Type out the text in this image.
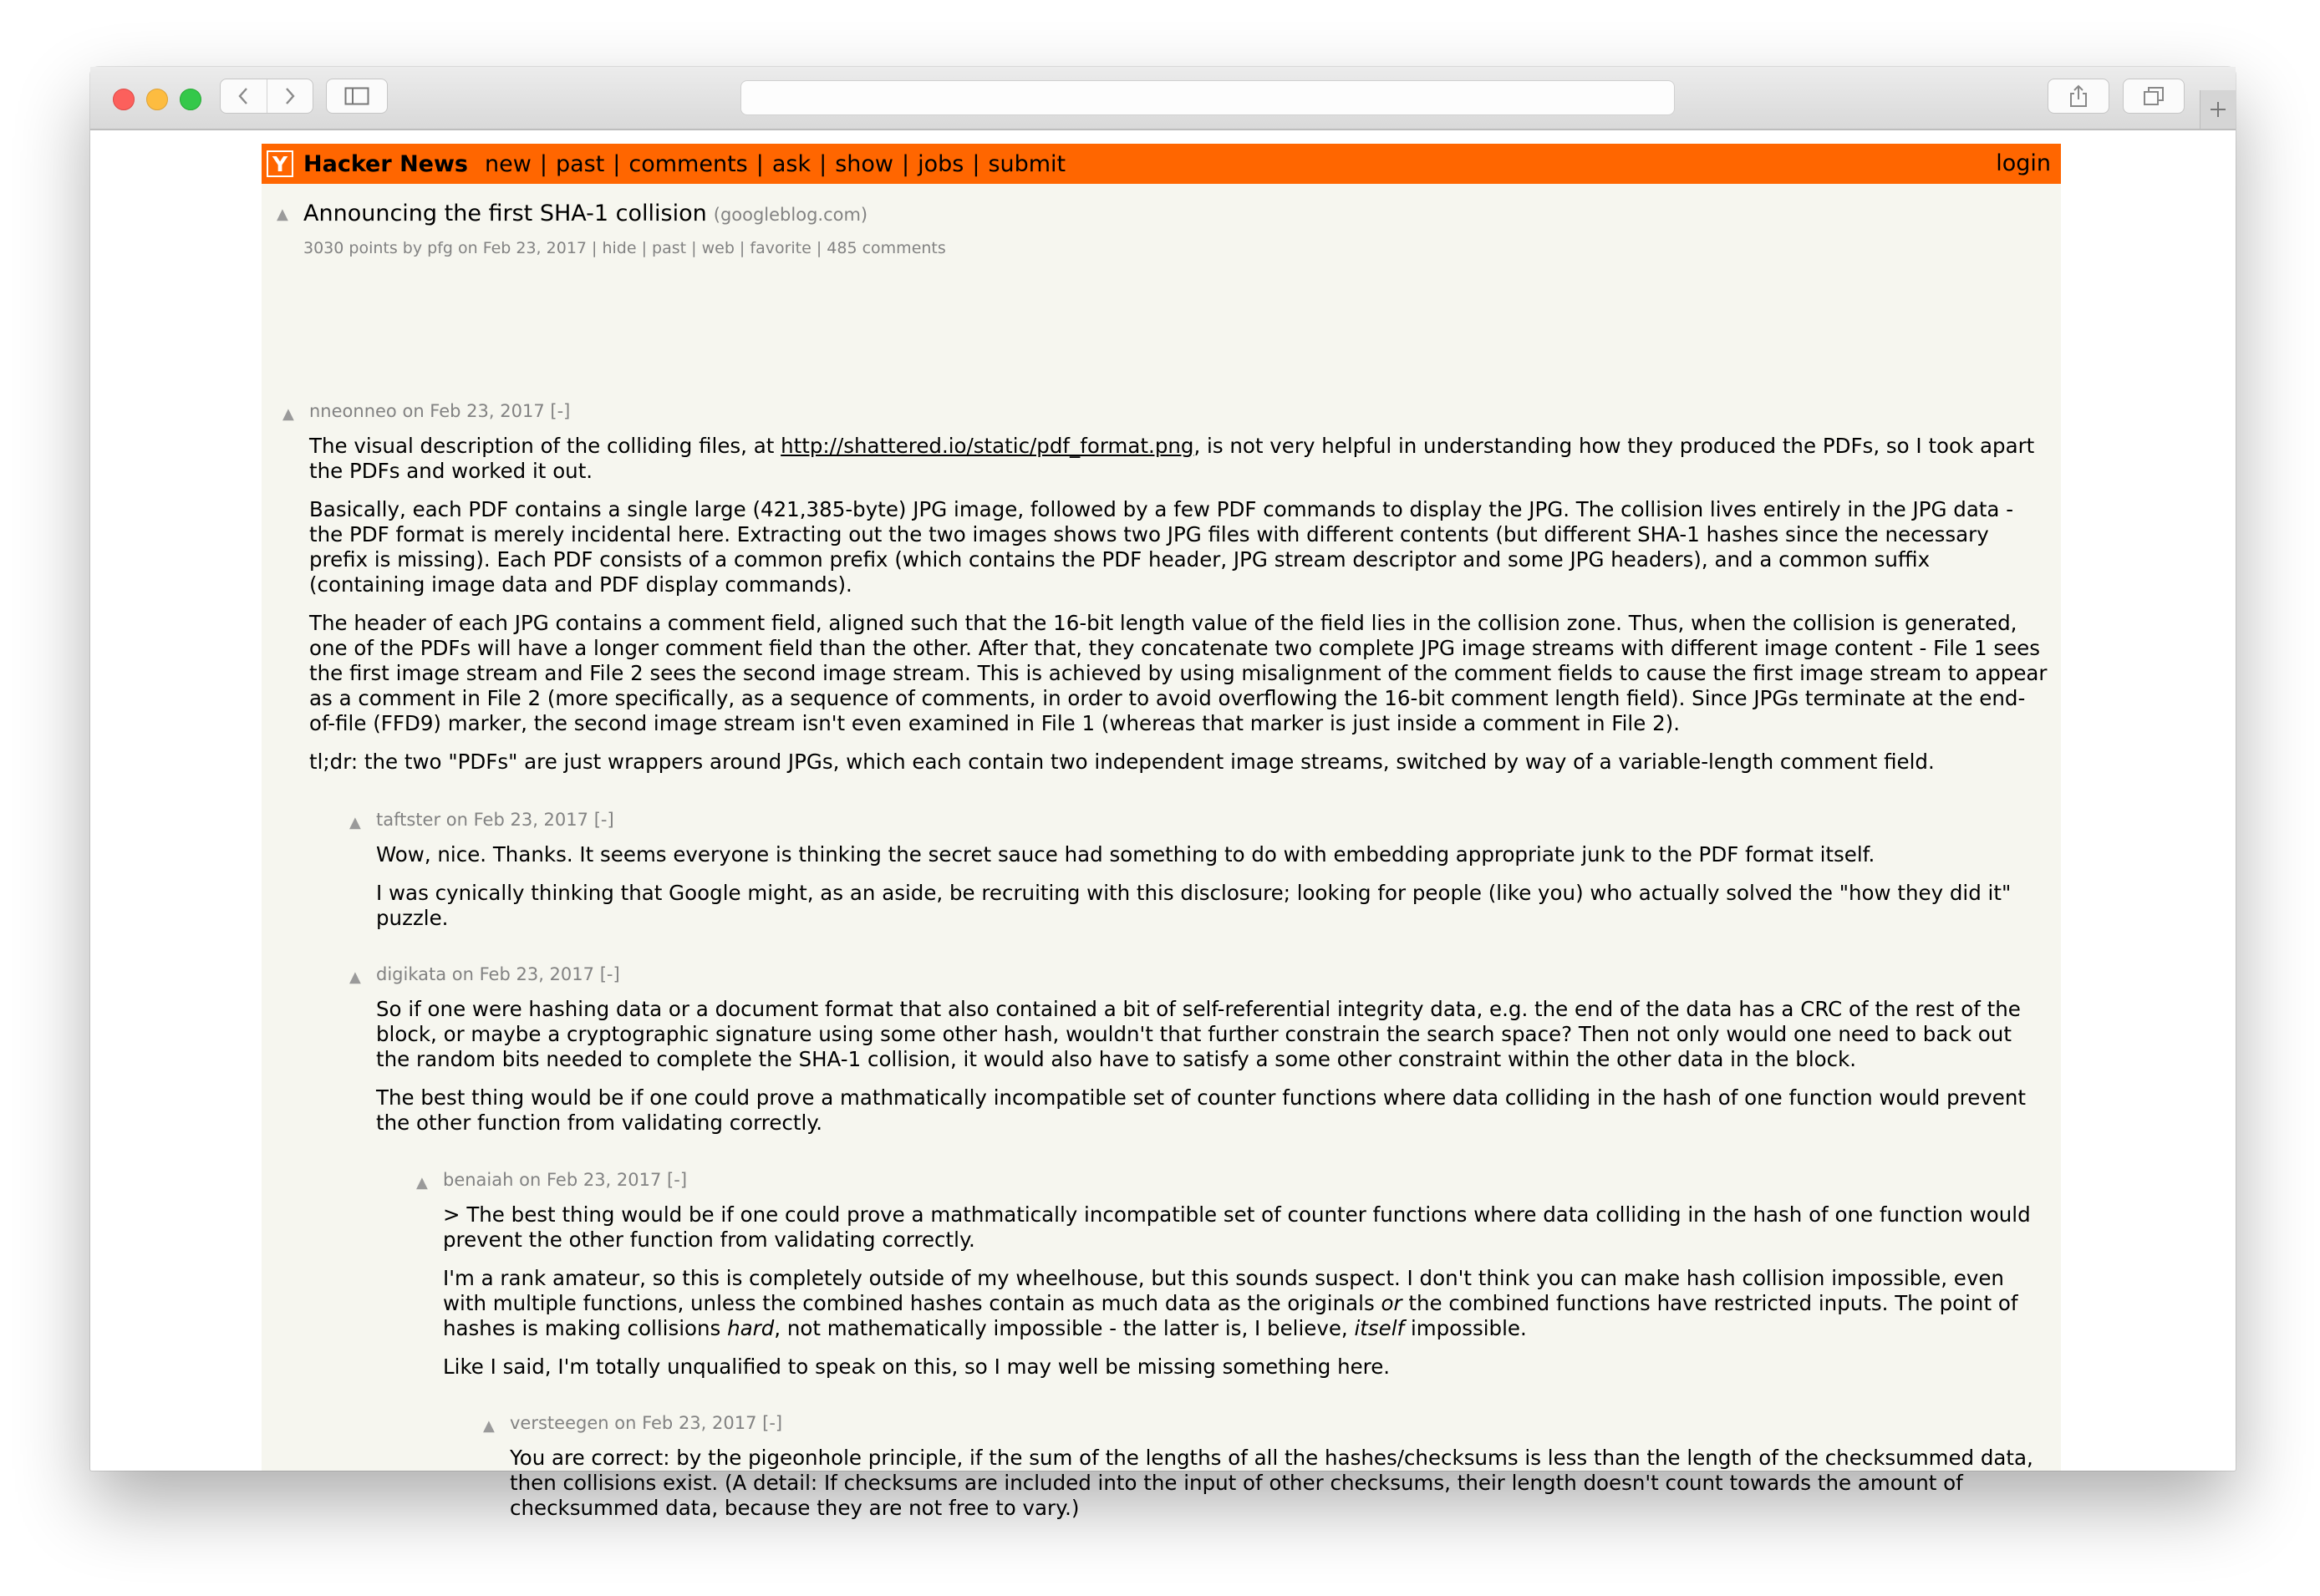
Y Hacker News new | past | comments | ask | show | jobs | submit	login
▲ Announcing the first SHA-1 collision (googleblog.com)
3030 points by pfg on Feb 23, 2017 | hide | past | web | favorite | 485 comments
▲ nneonneo on Feb 23, 2017 [-]

The visual description of the colliding files, at http://shattered.io/static/pdf_format.png, is not very helpful in understanding how they produced the PDFs, so I took apart the PDFs and worked it out.

Basically, each PDF contains a single large (421,385-byte) JPG image, followed by a few PDF commands to display the JPG. The collision lives entirely in the JPG data - the PDF format is merely incidental here. Extracting out the two images shows two JPG files with different contents (but different SHA-1 hashes since the necessary prefix is missing). Each PDF consists of a common prefix (which contains the PDF header, JPG stream descriptor and some JPG headers), and a common suffix (containing image data and PDF display commands).

The header of each JPG contains a comment field, aligned such that the 16-bit length value of the field lies in the collision zone. Thus, when the collision is generated, one of the PDFs will have a longer comment field than the other. After that, they concatenate two complete JPG image streams with different image content - File 1 sees the first image stream and File 2 sees the second image stream. This is achieved by using misalignment of the comment fields to cause the first image stream to appear as a comment in File 2 (more specifically, as a sequence of comments, in order to avoid overflowing the 16-bit comment length field). Since JPGs terminate at the end-of-file (FFD9) marker, the second image stream isn't even examined in File 1 (whereas that marker is just inside a comment in File 2).

tl;dr: the two "PDFs" are just wrappers around JPGs, which each contain two independent image streams, switched by way of a variable-length comment field.

▲ taftster on Feb 23, 2017 [-]

Wow, nice. Thanks. It seems everyone is thinking the secret sauce had something to do with embedding appropriate junk to the PDF format itself.

I was cynically thinking that Google might, as an aside, be recruiting with this disclosure; looking for people (like you) who actually solved the "how they did it" puzzle.

▲ digikata on Feb 23, 2017 [-]

So if one were hashing data or a document format that also contained a bit of self-referential integrity data, e.g. the end of the data has a CRC of the rest of the block, or maybe a cryptographic signature using some other hash, wouldn't that further constrain the search space? Then not only would one need to back out the random bits needed to complete the SHA-1 collision, it would also have to satisfy a some other constraint within the other data in the block.

The best thing would be if one could prove a mathmatically incompatible set of counter functions where data colliding in the hash of one function would prevent the other function from validating correctly.

▲ benaiah on Feb 23, 2017 [-]

> The best thing would be if one could prove a mathmatically incompatible set of counter functions where data colliding in the hash of one function would prevent the other function from validating correctly.

I'm a rank amateur, so this is completely outside of my wheelhouse, but this sounds suspect. I don't think you can make hash collision impossible, even with multiple functions, unless the combined hashes contain as much data as the originals or the combined functions have restricted inputs. The point of hashes is making collisions hard, not mathematically impossible - the latter is, I believe, itself impossible.

Like I said, I'm totally unqualified to speak on this, so I may well be missing something here.

▲ versteegen on Feb 23, 2017 [-]

You are correct: by the pigeonhole principle, if the sum of the lengths of all the hashes/checksums is less than the length of the checksummed data, then collisions exist. (A detail: If checksums are included into the input of other checksums, their length doesn't count towards the amount of checksummed data, because they are not free to vary.)
